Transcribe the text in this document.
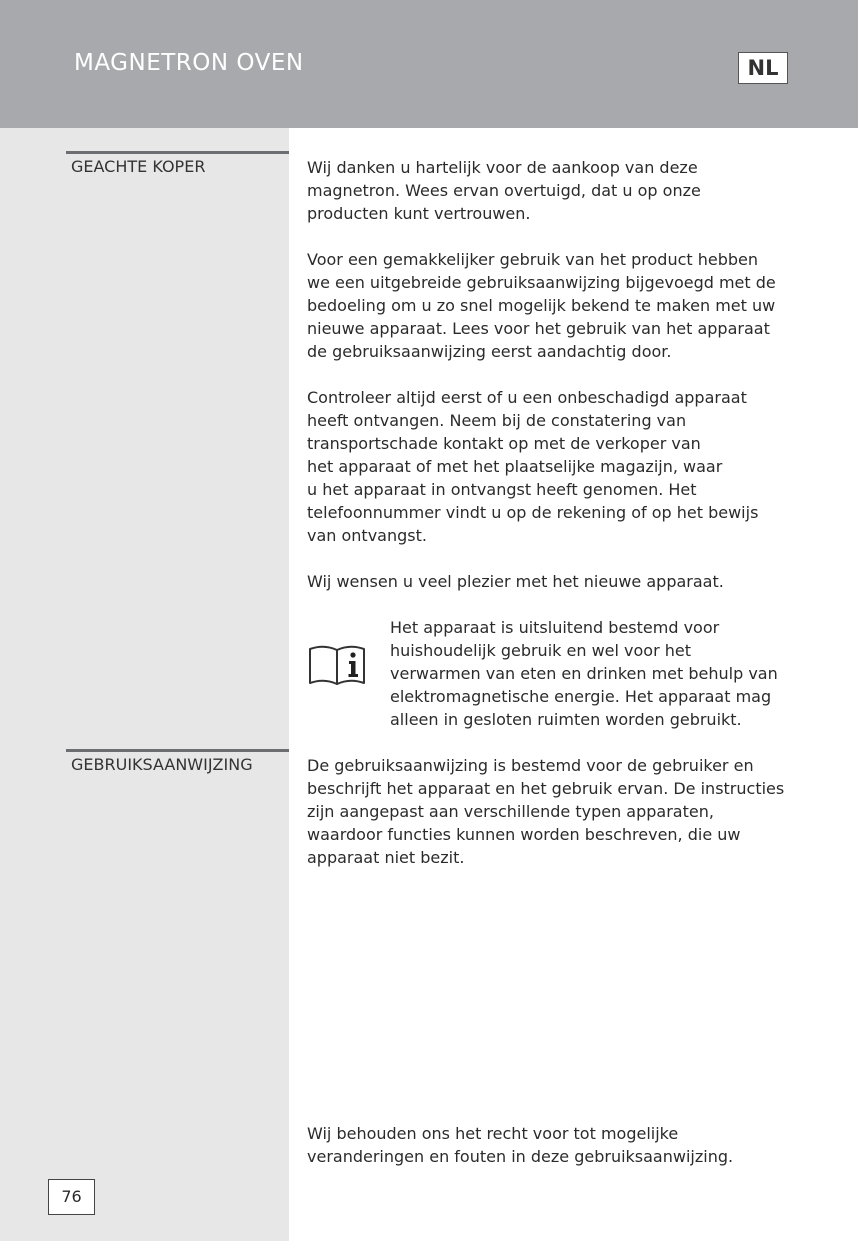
MAGNETRON OVEN	NL
GEACHTE KOPER	Wij danken u hartelijk voor de aankoop van deze
magnetron. Wees ervan overtuigd, dat u op onze
producten kunt vertrouwen.

Voor een gemakkelijker gebruik van het product hebben
we een uitgebreide gebruiksaanwijzing bijgevoegd met de
bedoeling om u zo snel mogelijk bekend te maken met uw
nieuwe apparaat. Lees voor het gebruik van het apparaat
de gebruiksaanwijzing eerst aandachtig door.

Controleer altijd eerst of u een onbeschadigd apparaat
heeft ontvangen. Neem bij de constatering van
transportschade kontakt op met de verkoper van
het apparaat of met het plaatselijke magazijn, waar
u het apparaat in ontvangst heeft genomen. Het
telefoonnummer vindt u op de rekening of op het bewijs
van ontvangst.

Wij wensen u veel plezier met het nieuwe apparaat.

Het apparaat is uitsluitend bestemd voor
huishoudelijk gebruik en wel voor het
verwarmen van eten en drinken met behulp van
elektromagnetische energie. Het apparaat mag
alleen in gesloten ruimten worden gebruikt.

GEBRUIKSAANWIJZING	De gebruiksaanwijzing is bestemd voor de gebruiker en
beschrijft het apparaat en het gebruik ervan. De instructies
zijn aangepast aan verschillende typen apparaten,
waardoor functies kunnen worden beschreven, die uw
apparaat niet bezit.

Wij behouden ons het recht voor tot mogelijke
veranderingen en fouten in deze gebruiksaanwijzing.

76
